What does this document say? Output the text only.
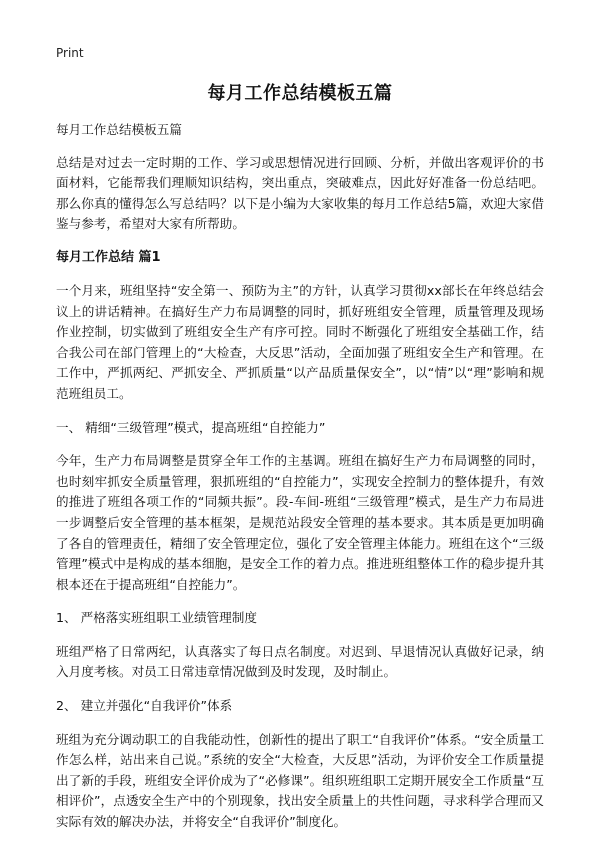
Print
每月工作总结模板五篇

每月工作总结模板五篇

总结是对过去一定时期的工作、学习或思想情况进行回顾、分析，并做出客观评价的书面材料，它能帮我们理顺知识结构，突出重点，突破难点，因此好好准备一份总结吧。那么你真的懂得怎么写总结吗？以下是小编为大家收集的每月工作总结5篇，欢迎大家借鉴与参考，希望对大家有所帮助。

每月工作总结 篇1

一个月来，班组坚持“安全第一、预防为主”的方针，认真学习贯彻xx部长在年终总结会议上的讲话精神。在搞好生产力布局调整的同时，抓好班组安全管理，质量管理及现场作业控制，切实做到了班组安全生产有序可控。同时不断强化了班组安全基础工作，结合我公司在部门管理上的“大检查，大反思”活动，全面加强了班组安全生产和管理。在工作中，严抓两纪、严抓安全、严抓质量“以产品质量保安全”，以“情”以“理”影响和规范班组员工。

一、 精细“三级管理”模式，提高班组“自控能力”

今年，生产力布局调整是贯穿全年工作的主基调。班组在搞好生产力布局调整的同时，也时刻牢抓安全质量管理，狠抓班组的“自控能力”，实现安全控制力的整体提升，有效的推进了班组各项工作的“同频共振”。段-车间-班组“三级管理”模式，是生产力布局进一步调整后安全管理的基本框架，是规范站段安全管理的基本要求。其本质是更加明确了各自的管理责任，精细了安全管理定位，强化了安全管理主体能力。班组在这个“三级管理”模式中是构成的基本细胞，是安全工作的着力点。推进班组整体工作的稳步提升其根本还在于提高班组“自控能力”。

1、 严格落实班组职工业绩管理制度

班组严格了日常两纪，认真落实了每日点名制度。对迟到、早退情况认真做好记录，纳入月度考核。对员工日常违章情况做到及时发现，及时制止。

2、 建立并强化“自我评价”体系

班组为充分调动职工的自我能动性，创新性的提出了职工“自我评价”体系。“安全质量工作怎么样，站出来自己说。”系统的安全“大检查，大反思”活动，为评价安全工作质量提出了新的手段，班组安全评价成为了“必修课”。组织班组职工定期开展安全工作质量“互相评价”，点透安全生产中的个别现象，找出安全质量上的共性问题，寻求科学合理而又实际有效的解决办法，并将安全“自我评价”制度化。
